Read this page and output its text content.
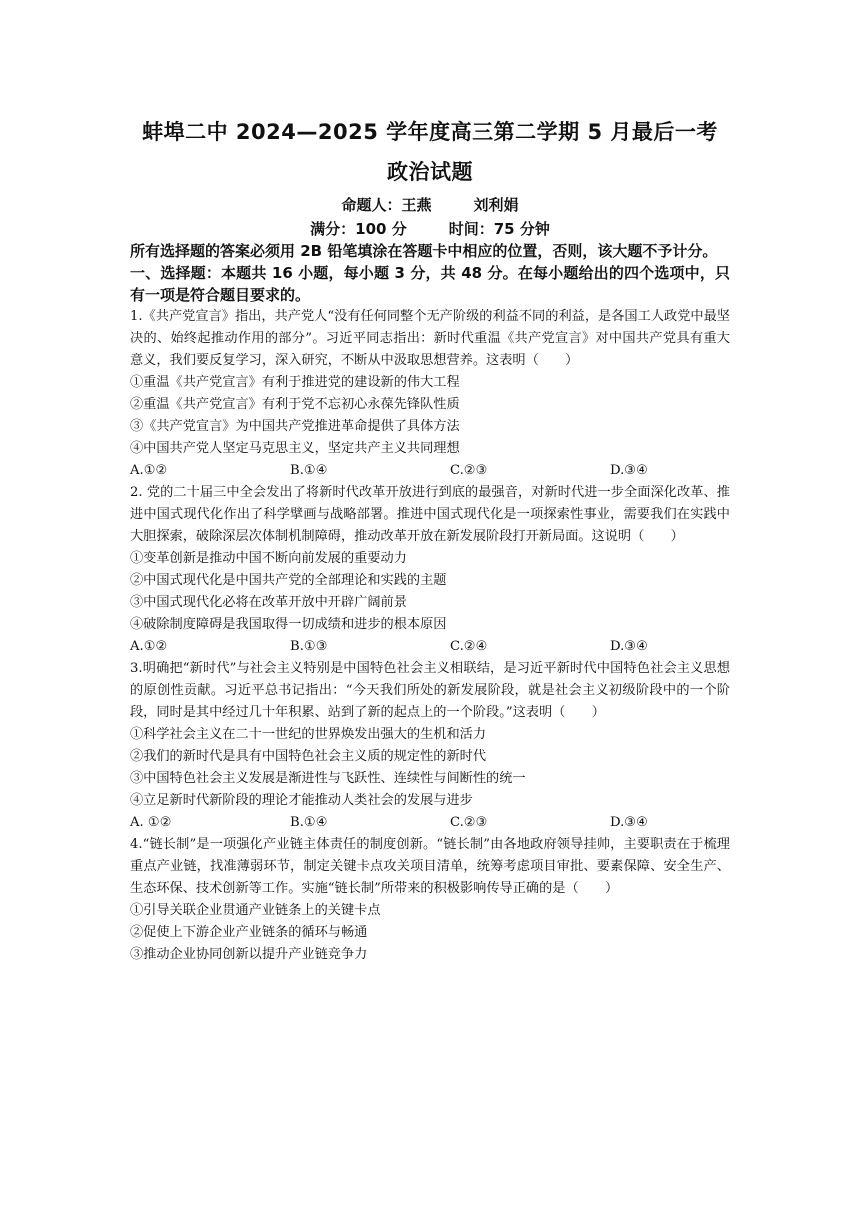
蚌埠二中 2024—2025 学年度高三第二学期 5 月最后一考
政治试题
命题人：王燕	刘利娟
满分：100 分	时间：75 分钟

所有选择题的答案必须用 2B 铅笔填涂在答题卡中相应的位置，否则，该大题不予计分。

一、选择题：本题共 16 小题，每小题 3 分，共 48 分。在每小题给出的四个选项中，只有一项是符合题目要求的。

1.《共产党宣言》指出，共产党人“没有任何同整个无产阶级的利益不同的利益，是各国工人政党中最坚决的、始终起推动作用的部分”。习近平同志指出：新时代重温《共产党宣言》对中国共产党具有重大意义，我们要反复学习，深入研究，不断从中汲取思想营养。这表明（　　）

①重温《共产党宣言》有利于推进党的建设新的伟大工程

②重温《共产党宣言》有利于党不忘初心永葆先锋队性质

③《共产党宣言》为中国共产党推进革命提供了具体方法

④中国共产党人坚定马克思主义，坚定共产主义共同理想

A.①②	B.①④	C.②③	D.③④

2. 党的二十届三中全会发出了将新时代改革开放进行到底的最强音，对新时代进一步全面深化改革、推进中国式现代化作出了科学擘画与战略部署。推进中国式现代化是一项探索性事业，需要我们在实践中大胆探索，破除深层次体制机制障碍，推动改革开放在新发展阶段打开新局面。这说明（　　）

①变革创新是推动中国不断向前发展的重要动力

②中国式现代化是中国共产党的全部理论和实践的主题

③中国式现代化必将在改革开放中开辟广阔前景

④破除制度障碍是我国取得一切成绩和进步的根本原因

A.①②	B.①③	C.②④	D.③④

3.明确把“新时代”与社会主义特别是中国特色社会主义相联结，是习近平新时代中国特色社会主义思想的原创性贡献。习近平总书记指出：“今天我们所处的新发展阶段，就是社会主义初级阶段中的一个阶段，同时是其中经过几十年积累、站到了新的起点上的一个阶段。”这表明（　　）

①科学社会主义在二十一世纪的世界焕发出强大的生机和活力

②我们的新时代是具有中国特色社会主义质的规定性的新时代

③中国特色社会主义发展是渐进性与飞跃性、连续性与间断性的统一

④立足新时代新阶段的理论才能推动人类社会的发展与进步

A. ①②	B.①④	C.②③	D.③④

4.“链长制”是一项强化产业链主体责任的制度创新。“链长制”由各地政府领导挂帅，主要职责在于梳理重点产业链，找准薄弱环节，制定关键卡点攻关项目清单，统筹考虑项目审批、要素保障、安全生产、生态环保、技术创新等工作。实施“链长制”所带来的积极影响传导正确的是（　　）

①引导关联企业贯通产业链条上的关键卡点

②促使上下游企业产业链条的循环与畅通

③推动企业协同创新以提升产业链竞争力
